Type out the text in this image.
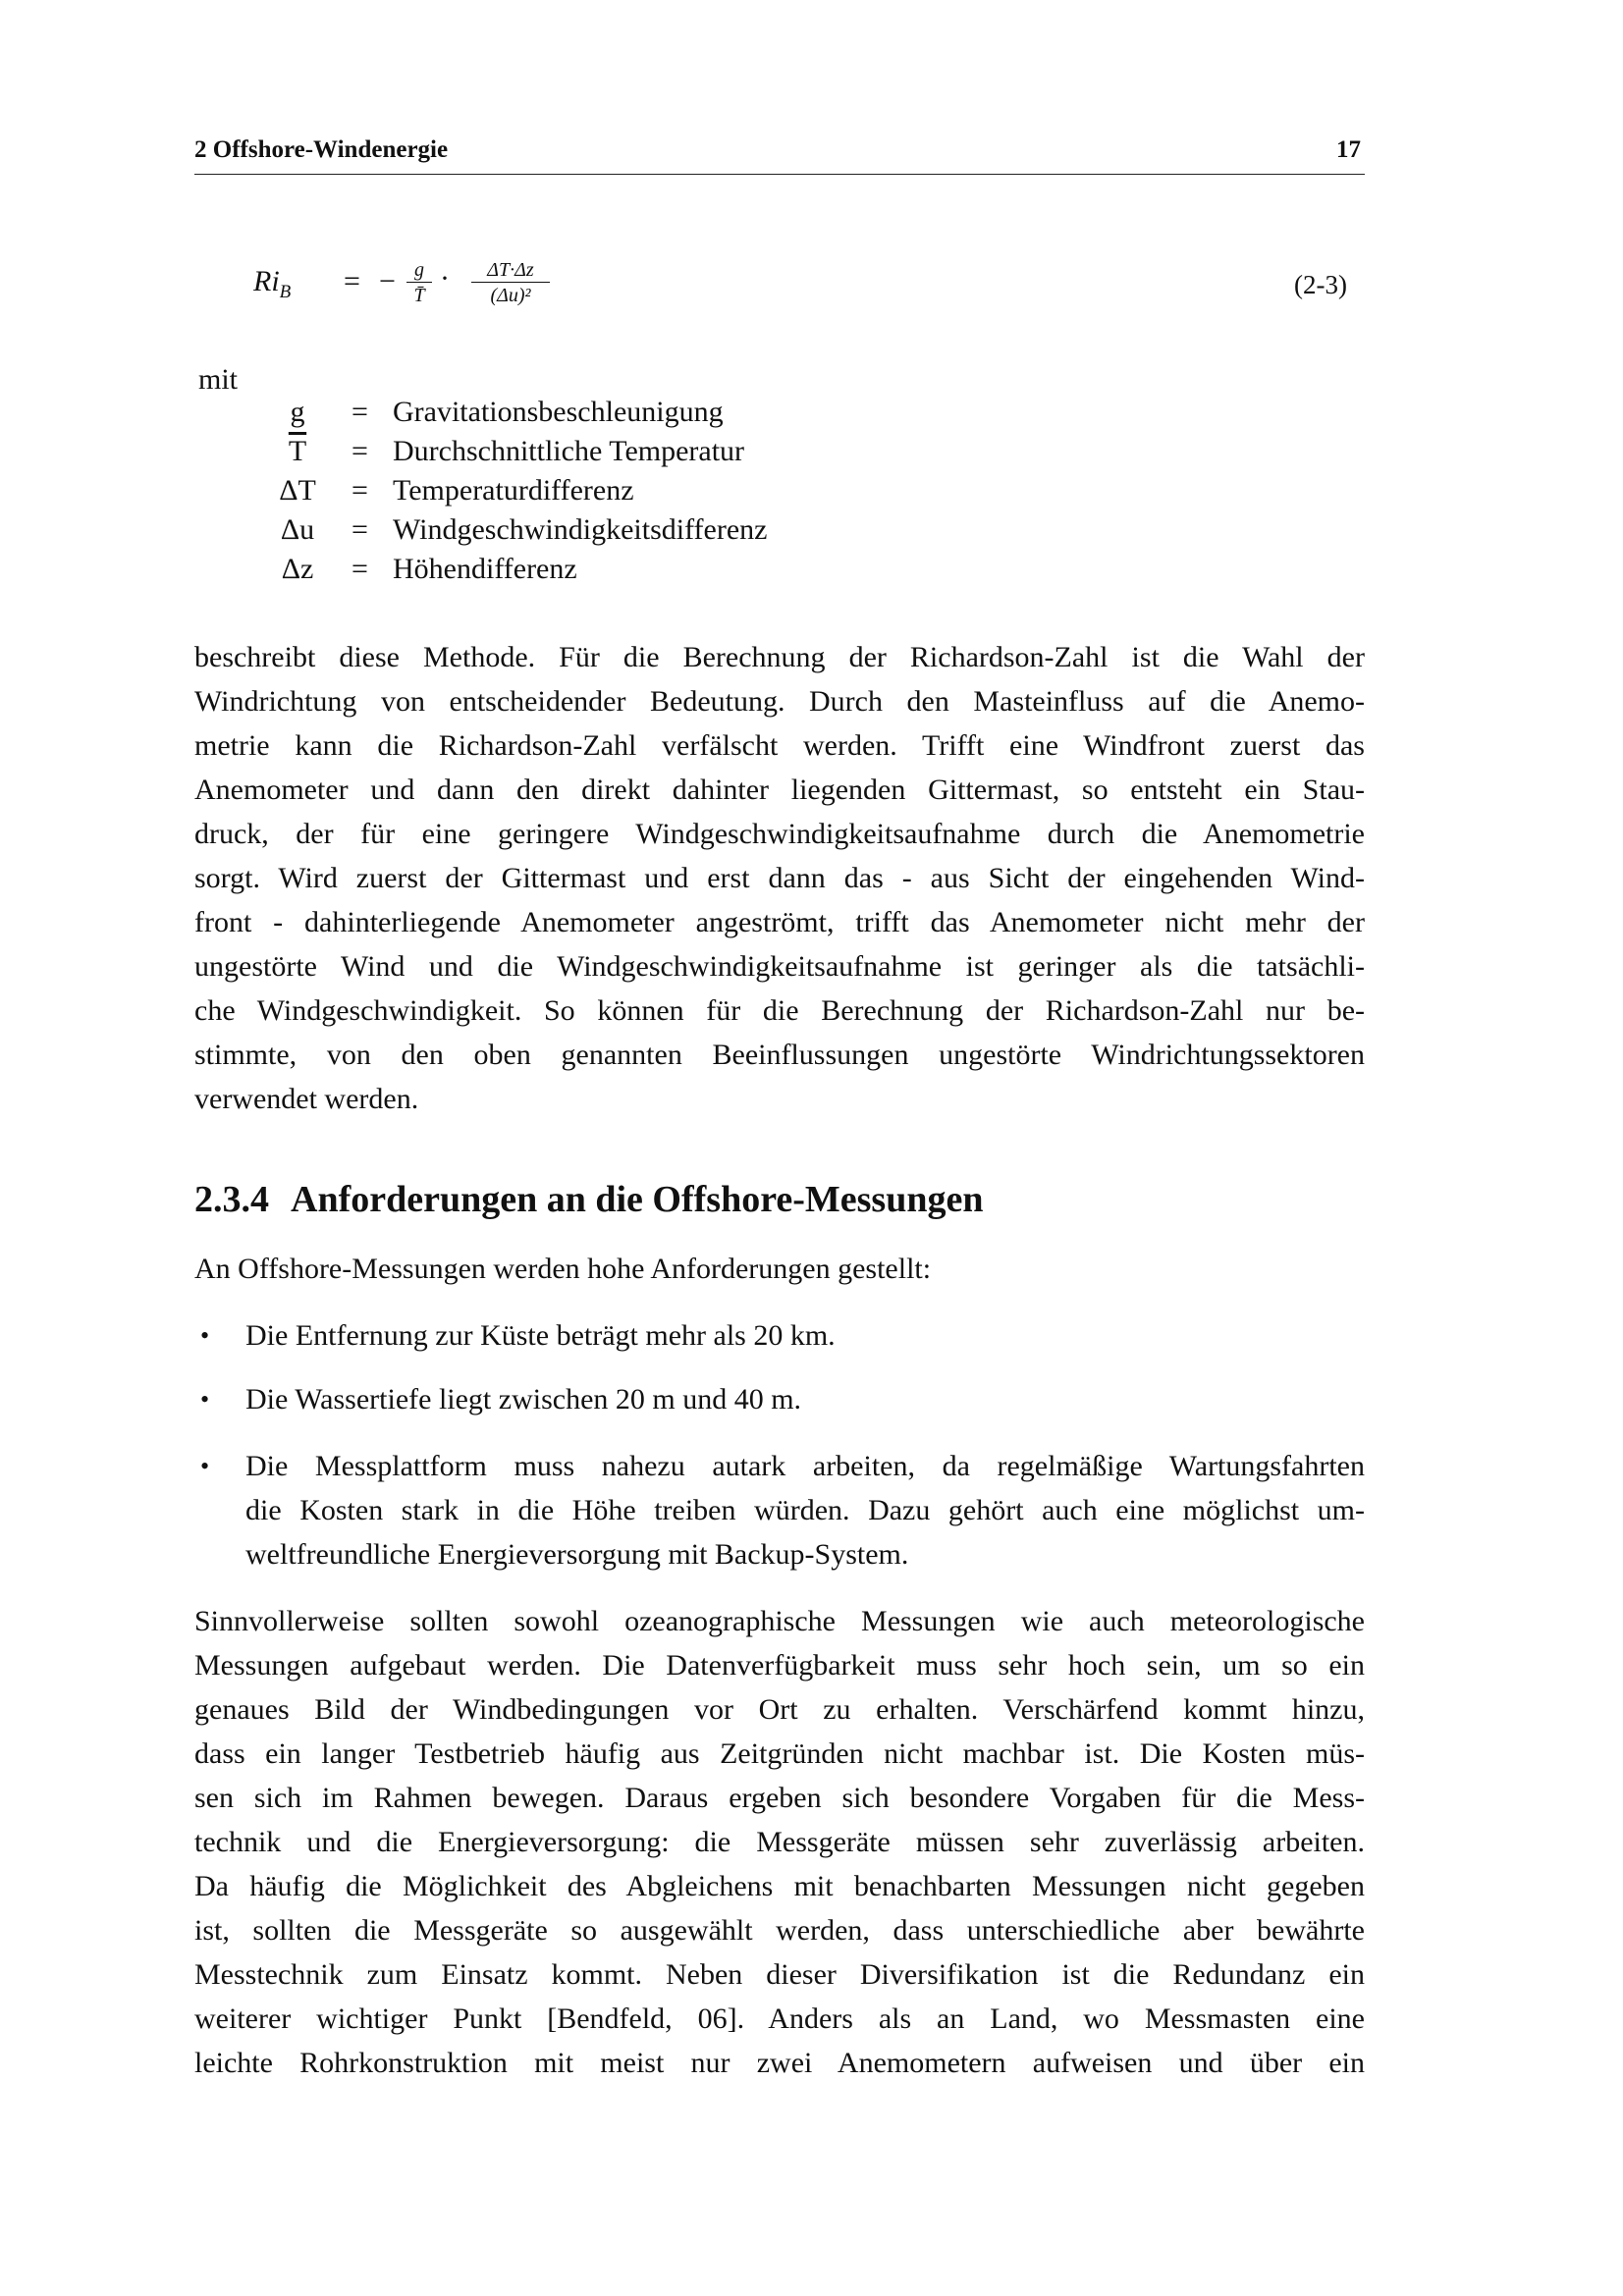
2 Offshore-Windenergie	17
$Ri_B$ = − $\frac{g}{T̄} \cdot \frac{\Delta T\cdot\Delta z}{\text{(Δu)²}}$	(2-3)
mit
g	= Gravitationsbeschleunigung
$\overline{T}$	= Durchschnittliche Temperatur
ΔT	= Temperaturdifferenz
Δu	= Windgeschwindigkeitsdifferenz
Δz	= Höhendifferenz
beschreibt diese Methode. Für die Berechnung der Richardson-Zahl ist die Wahl der
Windrichtung von entscheidender Bedeutung. Durch den Masteinfluss auf die Anemo-
metrie kann die Richardson-Zahl verfälscht werden. Trifft eine Windfront zuerst das
Anemometer und dann den direkt dahinter liegenden Gittermast, so entsteht ein Stau-
druck, der für eine geringere Windgeschwindigkeitsaufnahme durch die Anemometrie
sorgt. Wird zuerst der Gittermast und erst dann das - aus Sicht der eingehenden Wind-
front - dahinterliegende Anemometer angeströmt, trifft das Anemometer nicht mehr der
ungestörte Wind und die Windgeschwindigkeitsaufnahme ist geringer als die tatsächli-
che Windgeschwindigkeit. So können für die Berechnung der Richardson-Zahl nur be-
stimmte, von den oben genannten Beeinflussungen ungestörte Windrichtungssektoren
verwendet werden.
2.3.4 Anforderungen an die Offshore-Messungen
An Offshore-Messungen werden hohe Anforderungen gestellt:
• Die Entfernung zur Küste beträgt mehr als 20 km.
• Die Wassertiefe liegt zwischen 20 m und 40 m.
• Die Messplattform muss nahezu autark arbeiten, da regelmäßige Wartungsfahrten
die Kosten stark in die Höhe treiben würden. Dazu gehört auch eine möglichst um-
weltfreundliche Energieversorgung mit Backup-System.
Sinnvollerweise sollten sowohl ozeanographische Messungen wie auch meteorologische
Messungen aufgebaut werden. Die Datenverfügbarkeit muss sehr hoch sein, um so ein
genaues Bild der Windbedingungen vor Ort zu erhalten. Verschärfend kommt hinzu,
dass ein langer Testbetrieb häufig aus Zeitgründen nicht machbar ist. Die Kosten müs-
sen sich im Rahmen bewegen. Daraus ergeben sich besondere Vorgaben für die Mess-
technik und die Energieversorgung: die Messgeräte müssen sehr zuverlässig arbeiten.
Da häufig die Möglichkeit des Abgleichens mit benachbarten Messungen nicht gegeben
ist, sollten die Messgeräte so ausgewählt werden, dass unterschiedliche aber bewährte
Messtechnik zum Einsatz kommt. Neben dieser Diversifikation ist die Redundanz ein
weiterer wichtiger Punkt [Bendfeld, 06]. Anders als an Land, wo Messmasten eine
leichte Rohrkonstruktion mit meist nur zwei Anemometern aufweisen und über ein
